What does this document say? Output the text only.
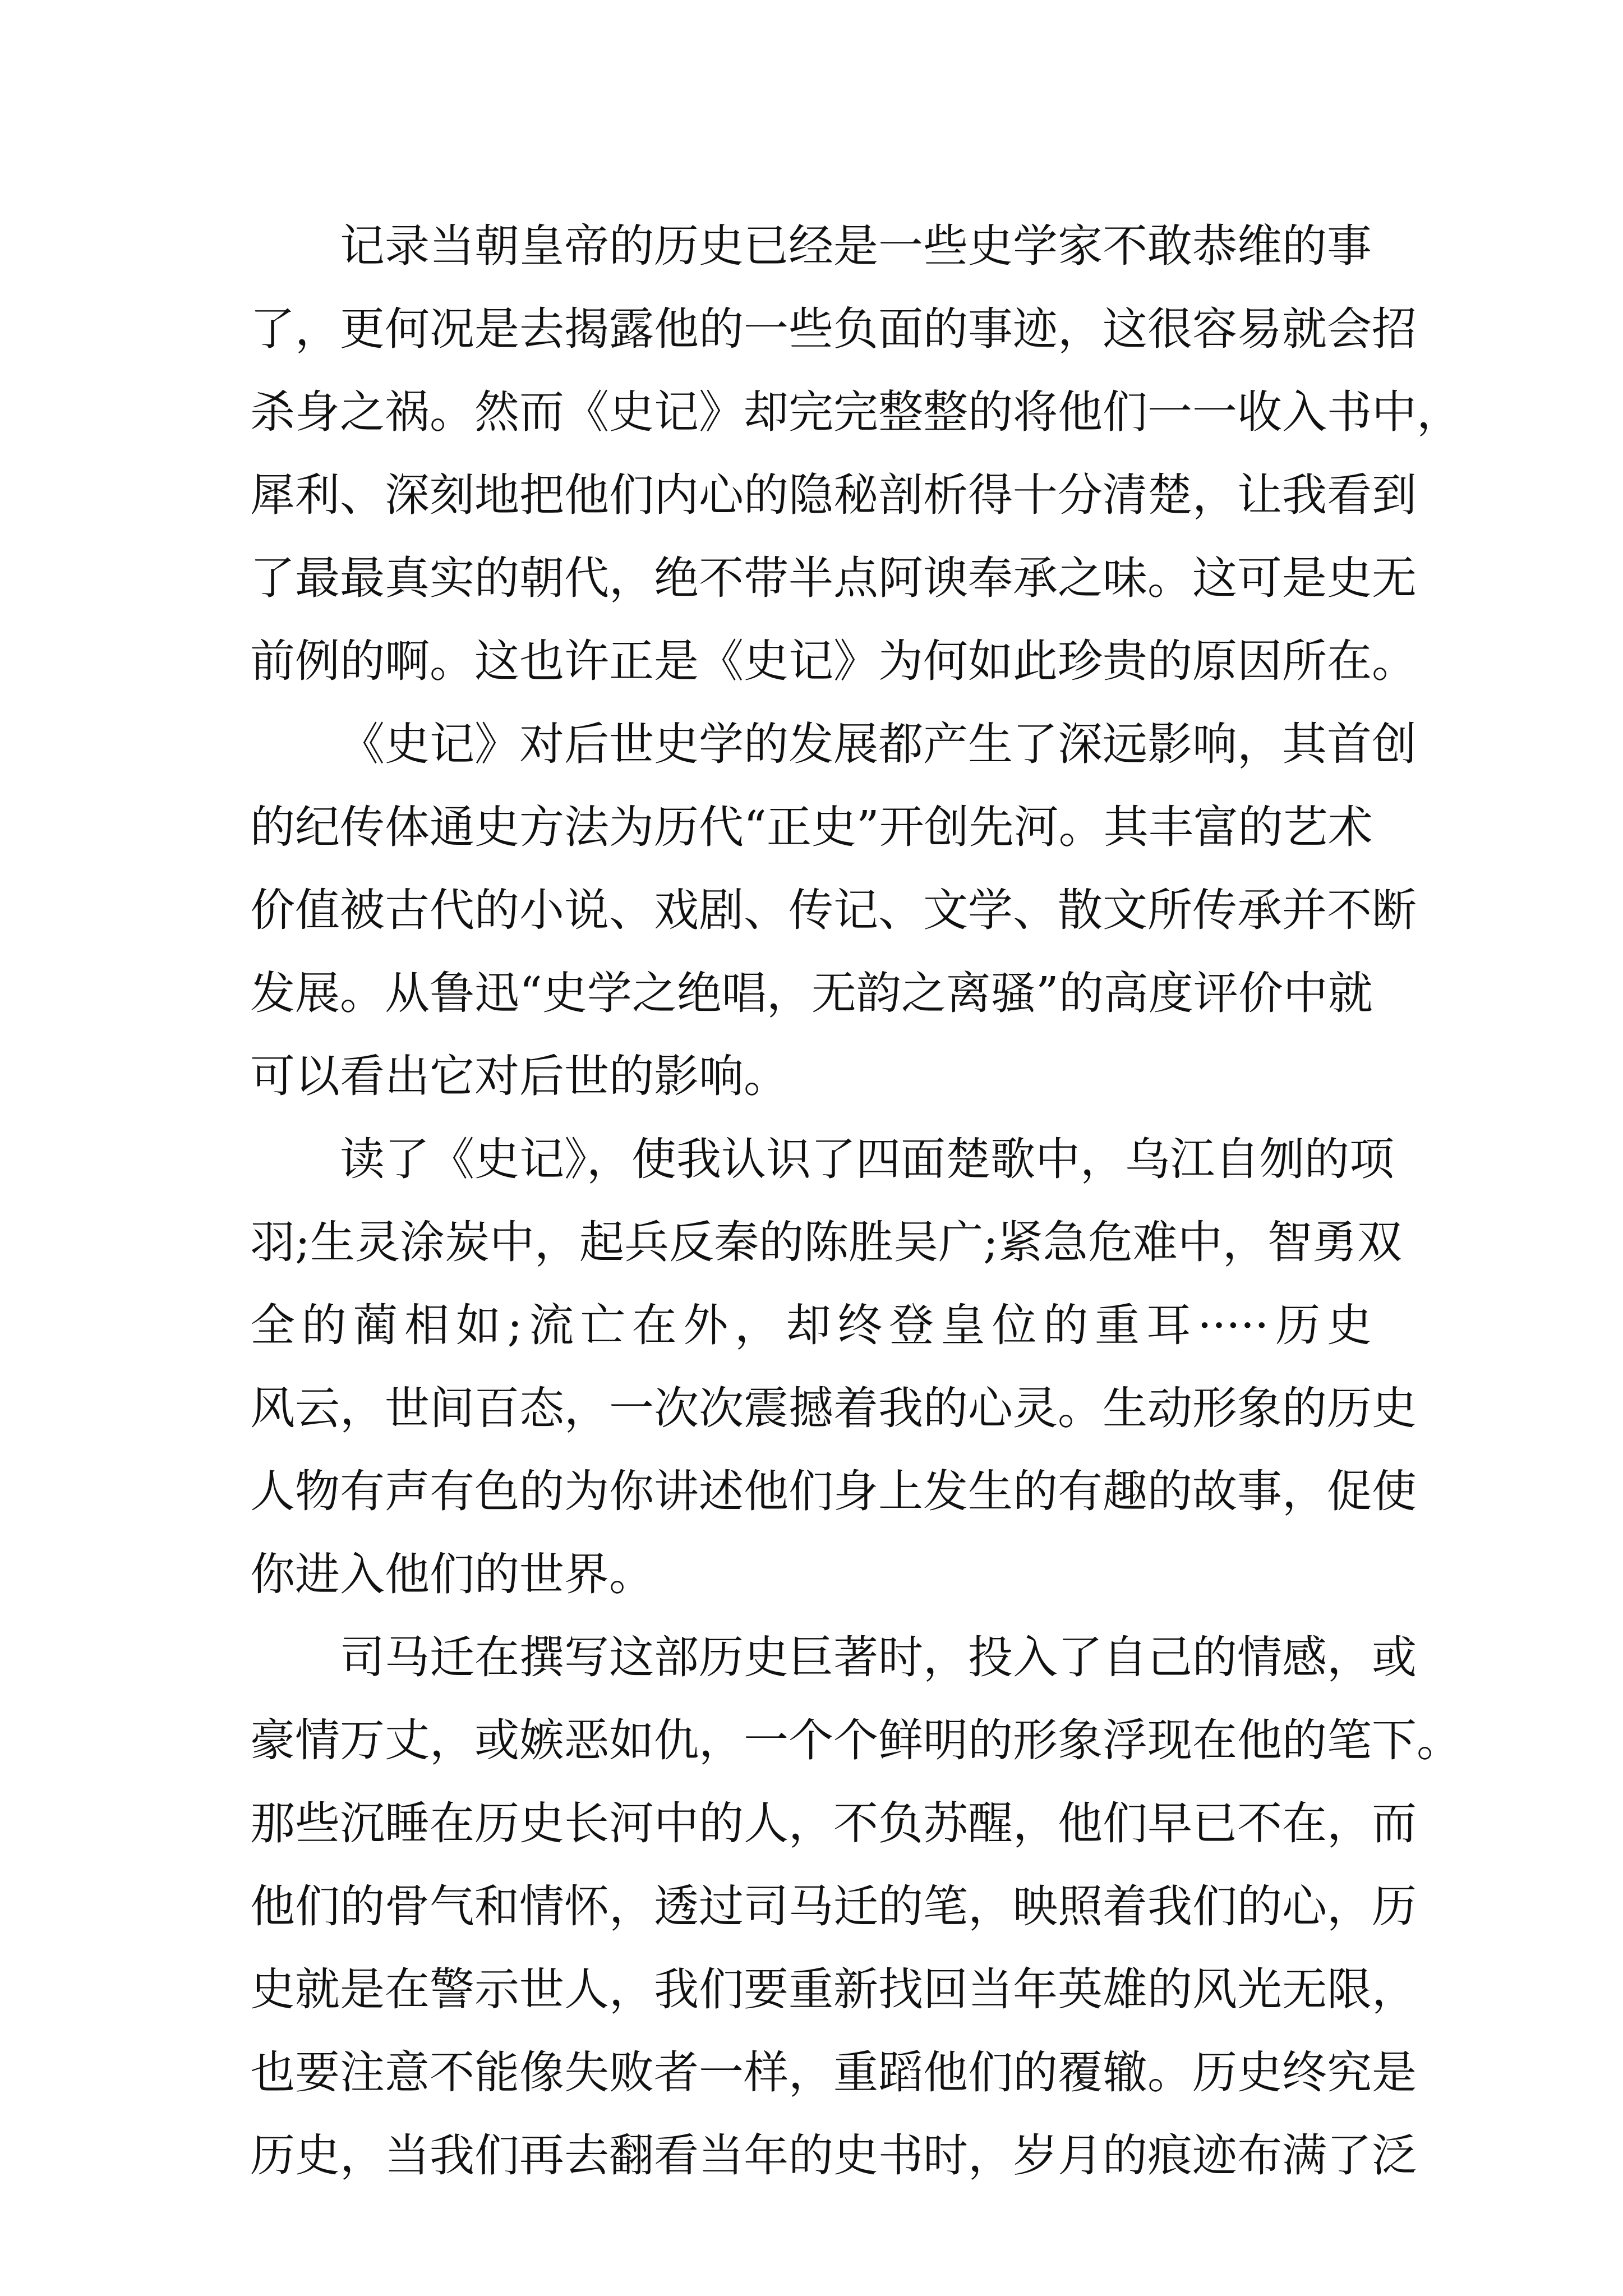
记录当朝皇帝的历史已经是一些史学家不敢恭维的事
了，更何况是去揭露他的一些负面的事迹，这很容易就会招
杀身之祸。然而《史记》却完完整整的将他们一一收入书中，
犀利、深刻地把他们内心的隐秘剖析得十分清楚，让我看到
了最最真实的朝代，绝不带半点阿谀奉承之味。这可是史无
前例的啊。这也许正是《史记》为何如此珍贵的原因所在。
《史记》对后世史学的发展都产生了深远影响，其首创
的纪传体通史方法为历代“正史”开创先河。其丰富的艺术
价值被古代的小说、戏剧、传记、文学、散文所传承并不断
发展。从鲁迅“史学之绝唱，无韵之离骚”的高度评价中就
可以看出它对后世的影响。
读了《史记》，使我认识了四面楚歌中，乌江自刎的项
羽;生灵涂炭中，起兵反秦的陈胜吴广;紧急危难中，智勇双
全的蔺相如;流亡在外，却终登皇位的重耳·····历史
风云，世间百态，一次次震撼着我的心灵。生动形象的历史
人物有声有色的为你讲述他们身上发生的有趣的故事，促使
你进入他们的世界。
司马迁在撰写这部历史巨著时，投入了自己的情感，或
豪情万丈，或嫉恶如仇，一个个鲜明的形象浮现在他的笔下。
那些沉睡在历史长河中的人，不负苏醒，他们早已不在，而
他们的骨气和情怀，透过司马迁的笔，映照着我们的心，历
史就是在警示世人，我们要重新找回当年英雄的风光无限，
也要注意不能像失败者一样，重蹈他们的覆辙。历史终究是
历史，当我们再去翻看当年的史书时，岁月的痕迹布满了泛
